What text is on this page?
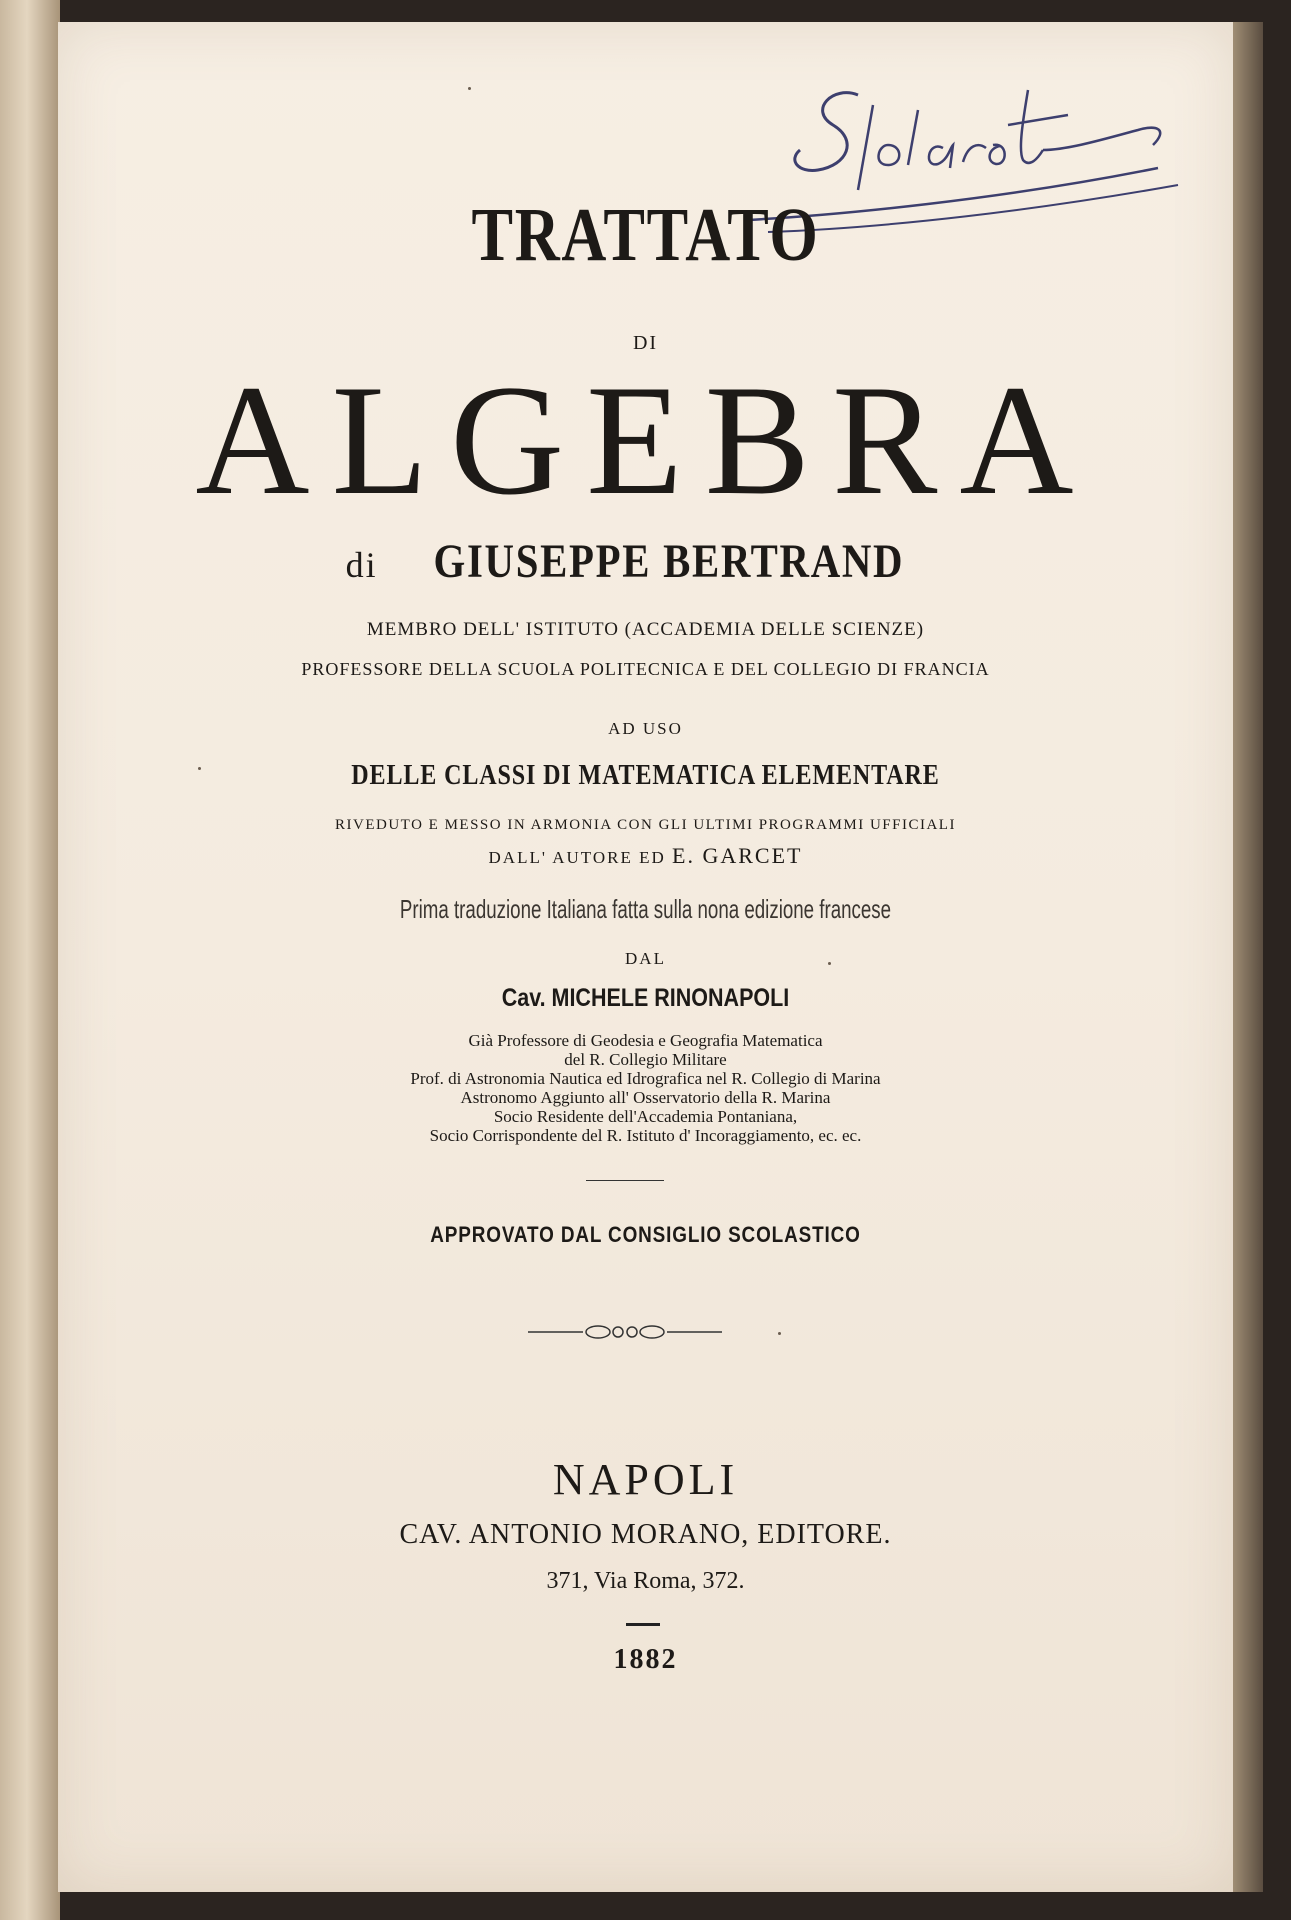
TRATTATO
DI
ALGEBRA
di GIUSEPPE BERTRAND
MEMBRO DELL' ISTITUTO (ACCADEMIA DELLE SCIENZE)
PROFESSORE DELLA SCUOLA POLITECNICA E DEL COLLEGIO DI FRANCIA
AD USO
DELLE CLASSI DI MATEMATICA ELEMENTARE
RIVEDUTO E MESSO IN ARMONIA CON GLI ULTIMI PROGRAMMI UFFICIALI
DALL' AUTORE ED E. GARCET
Prima traduzione Italiana fatta sulla nona edizione francese
DAL
Cav. MICHELE RINONAPOLI
Già Professore di Geodesia e Geografia Matematica
del R. Collegio Militare
Prof. di Astronomia Nautica ed Idrografica nel R. Collegio di Marina
Astronomo Aggiunto all' Osservatorio della R. Marina
Socio Residente dell'Accademia Pontaniana,
Socio Corrispondente del R. Istituto d' Incoraggiamento, ec. ec.
APPROVATO DAL CONSIGLIO SCOLASTICO
NAPOLI
CAV. ANTONIO MORANO, EDITORE.
371, Via Roma, 372.
1882
